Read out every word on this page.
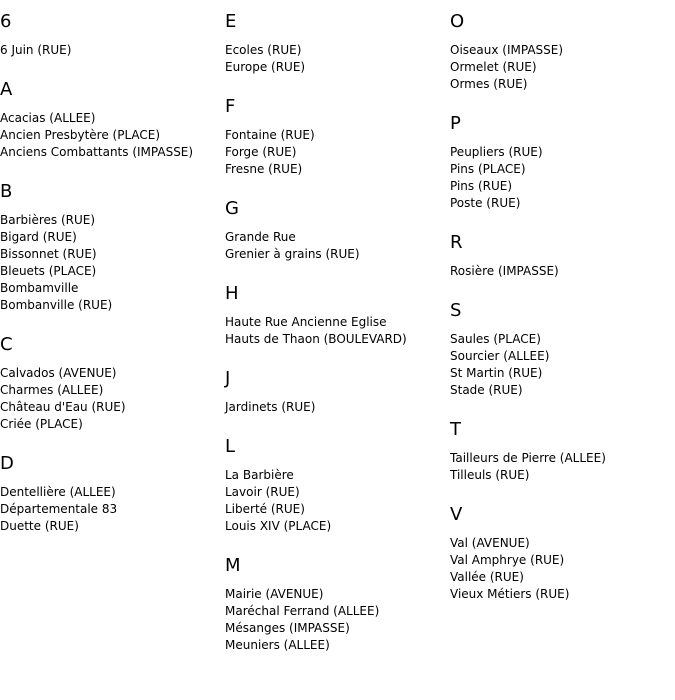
6
6 Juin (RUE)
A
Acacias (ALLEE)
Ancien Presbytère (PLACE)
Anciens Combattants (IMPASSE)
B
Barbières (RUE)
Bigard (RUE)
Bissonnet (RUE)
Bleuets (PLACE)
Bombamville
Bombanville (RUE)
C
Calvados (AVENUE)
Charmes (ALLEE)
Château d'Eau (RUE)
Criée (PLACE)
D
Dentellière (ALLEE)
Départementale 83
Duette (RUE)
E
Ecoles (RUE)
Europe (RUE)
F
Fontaine (RUE)
Forge (RUE)
Fresne (RUE)
G
Grande Rue
Grenier à grains (RUE)
H
Haute Rue Ancienne Eglise
Hauts de Thaon (BOULEVARD)
J
Jardinets (RUE)
L
La Barbière
Lavoir (RUE)
Liberté (RUE)
Louis XIV (PLACE)
M
Mairie (AVENUE)
Maréchal Ferrand (ALLEE)
Mésanges (IMPASSE)
Meuniers (ALLEE)
O
Oiseaux (IMPASSE)
Ormelet (RUE)
Ormes (RUE)
P
Peupliers (RUE)
Pins (PLACE)
Pins (RUE)
Poste (RUE)
R
Rosière (IMPASSE)
S
Saules (PLACE)
Sourcier (ALLEE)
St Martin (RUE)
Stade (RUE)
T
Tailleurs de Pierre (ALLEE)
Tilleuls (RUE)
V
Val (AVENUE)
Val Amphrye (RUE)
Vallée (RUE)
Vieux Métiers (RUE)
